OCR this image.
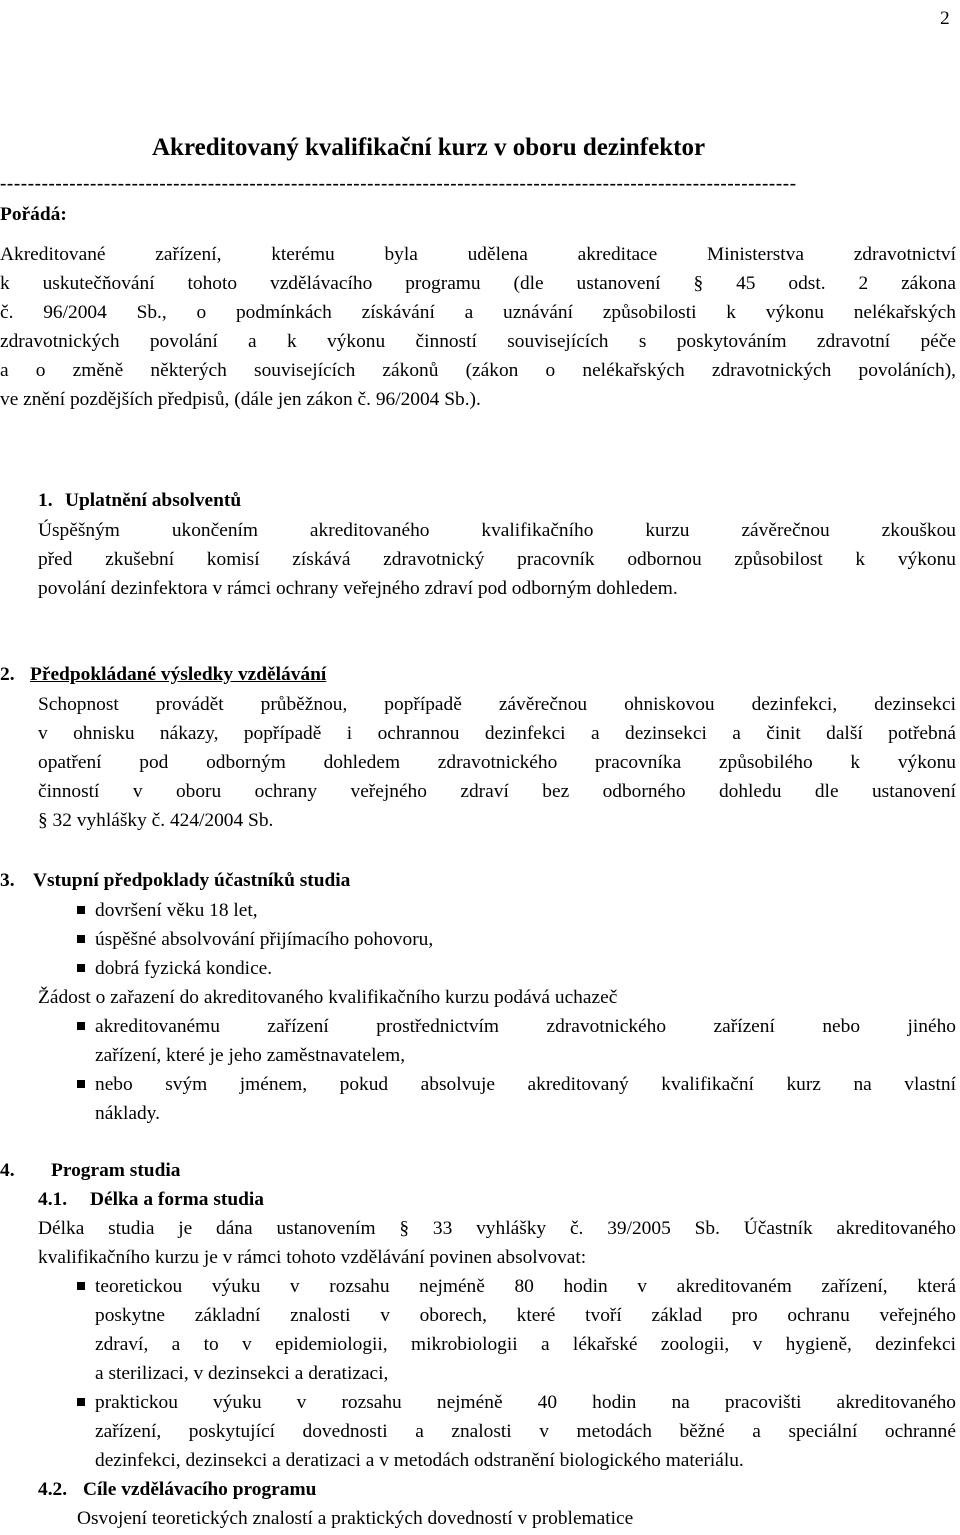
2
Akreditovaný kvalifikační kurz v oboru dezinfektor
-------------------------------------------------------------------------------------------------------------------
Pořádá:
Akreditované zařízení, kterému byla udělena akreditace Ministerstva zdravotnictví
k uskutečňování tohoto vzdělávacího programu (dle ustanovení § 45 odst. 2 zákona
č. 96/2004 Sb., o podmínkách získávání a uznávání způsobilosti k výkonu nelékařských
zdravotnických povolání a k výkonu činností souvisejících s poskytováním zdravotní péče
a o změně některých souvisejících zákonů (zákon o nelékařských zdravotnických povoláních),
ve znění pozdějších předpisů, (dále jen zákon č. 96/2004 Sb.).
1. Uplatnění absolventů
Úspěšným ukončením akreditovaného kvalifikačního kurzu závěrečnou zkouškou
před zkušební komisí získává zdravotnický pracovník odbornou způsobilost k výkonu
povolání dezinfektora v rámci ochrany veřejného zdraví pod odborným dohledem.
2. Předpokládané výsledky vzdělávání
Schopnost provádět průběžnou, popřípadě závěrečnou ohniskovou dezinfekci, dezinsekci
v ohnisku nákazy, popřípadě i ochrannou dezinfekci a dezinsekci a činit další potřebná
opatření pod odborným dohledem zdravotnického pracovníka způsobilého k výkonu
činností v oboru ochrany veřejného zdraví bez odborného dohledu dle ustanovení
§ 32 vyhlášky č. 424/2004 Sb.
3. Vstupní předpoklady účastníků studia
dovršení věku 18 let,
úspěšné absolvování přijímacího pohovoru,
dobrá fyzická kondice.
Žádost o zařazení do akreditovaného kvalifikačního kurzu podává uchazeč
akreditovanému zařízení prostřednictvím zdravotnického zařízení nebo jiného
zařízení, které je jeho zaměstnavatelem,
nebo svým jménem, pokud absolvuje akreditovaný kvalifikační kurz na vlastní
náklady.
4. Program studia
4.1. Délka a forma studia
Délka studia je dána ustanovením § 33 vyhlášky č. 39/2005 Sb. Účastník akreditovaného
kvalifikačního kurzu je v rámci tohoto vzdělávání povinen absolvovat:
teoretickou výuku v rozsahu nejméně 80 hodin v akreditovaném zařízení, která
poskytne základní znalosti v oborech, které tvoří základ pro ochranu veřejného
zdraví, a to v epidemiologii, mikrobiologii a lékařské zoologii, v hygieně, dezinfekci
a sterilizaci, v dezinsekci a deratizaci,
praktickou výuku v rozsahu nejméně 40 hodin na pracovišti akreditovaného
zařízení, poskytující dovednosti a znalosti v metodách běžné a speciální ochranné
dezinfekci, dezinsekci a deratizaci a v metodách odstranění biologického materiálu.
4.2. Cíle vzdělávacího programu
Osvojení teoretických znalostí a praktických dovedností v problematice
